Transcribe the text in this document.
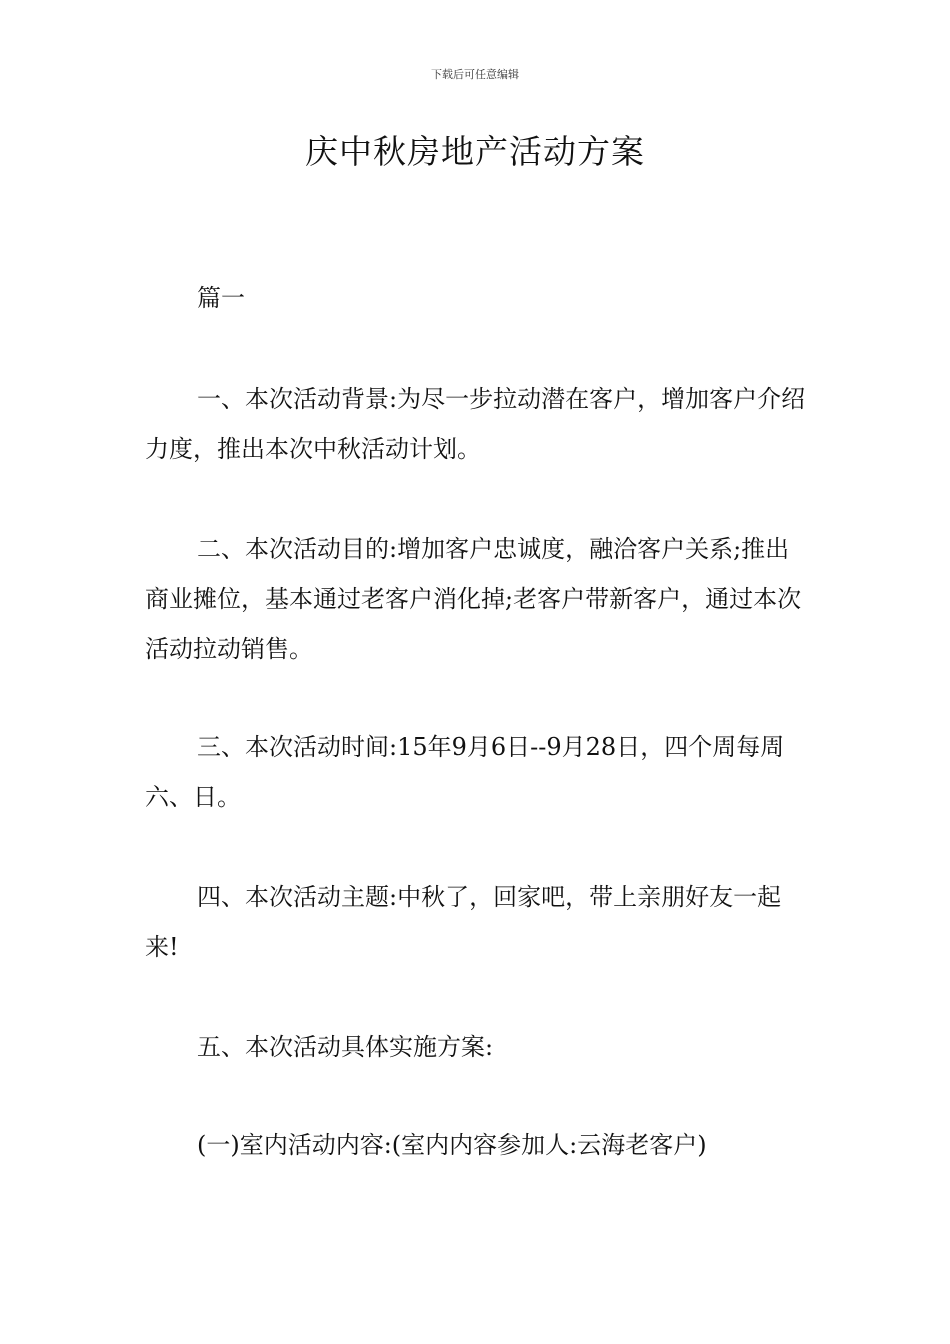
下载后可任意编辑
庆中秋房地产活动方案

篇一

一、本次活动背景:为尽一步拉动潜在客户，增加客户介绍力度，推出本次中秋活动计划。

二、本次活动目的:增加客户忠诚度，融洽客户关系;推出商业摊位，基本通过老客户消化掉;老客户带新客户，通过本次活动拉动销售。

三、本次活动时间:15年9月6日--9月28日，四个周每周六、日。

四、本次活动主题:中秋了，回家吧，带上亲朋好友一起来!

五、本次活动具体实施方案:

(一)室内活动内容:(室内内容参加人:云海老客户)
